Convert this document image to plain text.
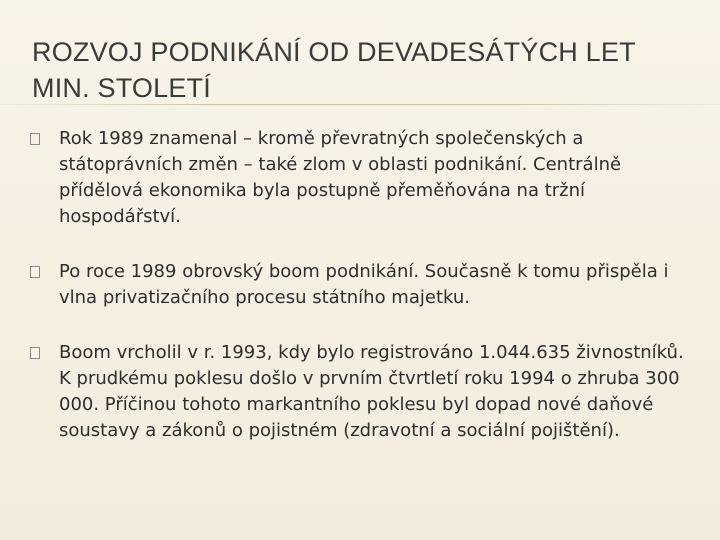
ROZVOJ PODNIKÁNÍ OD DEVADESÁTÝCH LET
MIN. STOLETÍ
Rok 1989 znamenal – kromě převratných společenských a státoprávních změn – také zlom v oblasti podnikání. Centrálně přídělová ekonomika byla postupně přeměňována na tržní hospodářství.
Po roce 1989 obrovský boom podnikání. Současně k tomu přispěla i vlna privatizačního procesu státního majetku.
Boom vrcholil v r. 1993, kdy bylo registrováno 1.044.635 živnostníků. K prudkému poklesu došlo v prvním čtvrtletí roku 1994 o zhruba 300 000. Příčinou tohoto markantního poklesu byl dopad nové daňové soustavy a zákonů o pojistném (zdravotní a sociální pojištění).
